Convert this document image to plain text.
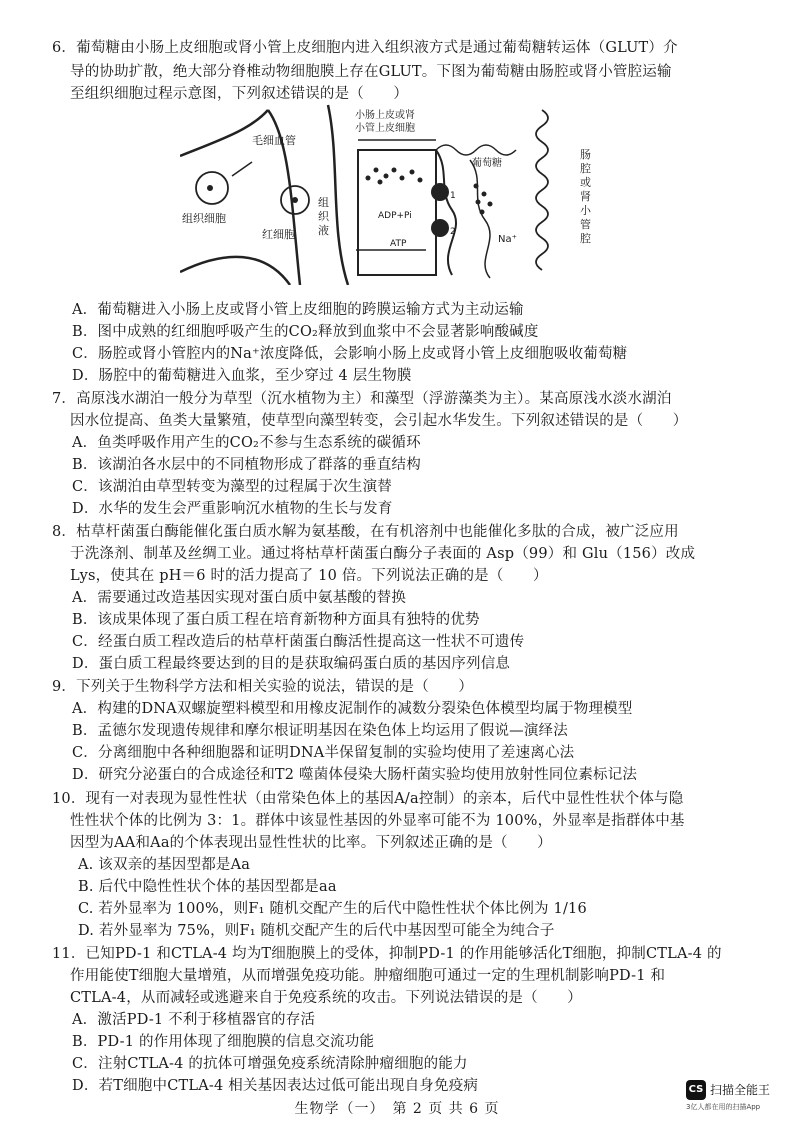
6．葡萄糖由小肠上皮细胞或肾小管上皮细胞内进入组织液方式是通过葡萄糖转运体（GLUT）介
导的协助扩散，绝大部分脊椎动物细胞膜上存在GLUT。下图为葡萄糖由肠腔或肾小管腔运输
至组织细胞过程示意图，下列叙述错误的是（　　）
毛细血管
组织细胞
红细胞
组
织
液
小肠上皮或肾
小管上皮细胞
葡萄糖
ADP+Pi
ATP
1
2
Na⁺
肠
腔
或
肾
小
管
腔
A．葡萄糖进入小肠上皮或肾小管上皮细胞的跨膜运输方式为主动运输
B．图中成熟的红细胞呼吸产生的CO₂释放到血浆中不会显著影响酸碱度
C．肠腔或肾小管腔内的Na⁺浓度降低，会影响小肠上皮或肾小管上皮细胞吸收葡萄糖
D．肠腔中的葡萄糖进入血浆，至少穿过 4 层生物膜
7．高原浅水湖泊一般分为草型（沉水植物为主）和藻型（浮游藻类为主）。某高原浅水淡水湖泊
因水位提高、鱼类大量繁殖，使草型向藻型转变，会引起水华发生。下列叙述错误的是（　　）
A．鱼类呼吸作用产生的CO₂不参与生态系统的碳循环
B．该湖泊各水层中的不同植物形成了群落的垂直结构
C．该湖泊由草型转变为藻型的过程属于次生演替
D．水华的发生会严重影响沉水植物的生长与发育
8．枯草杆菌蛋白酶能催化蛋白质水解为氨基酸，在有机溶剂中也能催化多肽的合成，被广泛应用
于洗涤剂、制革及丝绸工业。通过将枯草杆菌蛋白酶分子表面的 Asp（99）和 Glu（156）改成
Lys，使其在 pH＝6 时的活力提高了 10 倍。下列说法正确的是（　　）
A．需要通过改造基因实现对蛋白质中氨基酸的替换
B．该成果体现了蛋白质工程在培育新物种方面具有独特的优势
C．经蛋白质工程改造后的枯草杆菌蛋白酶活性提高这一性状不可遗传
D．蛋白质工程最终要达到的目的是获取编码蛋白质的基因序列信息
9．下列关于生物科学方法和相关实验的说法，错误的是（　　）
A．构建的DNA双螺旋塑料模型和用橡皮泥制作的减数分裂染色体模型均属于物理模型
B．孟德尔发现遗传规律和摩尔根证明基因在染色体上均运用了假说—演绎法
C．分离细胞中各种细胞器和证明DNA半保留复制的实验均使用了差速离心法
D．研究分泌蛋白的合成途径和T2 噬菌体侵染大肠杆菌实验均使用放射性同位素标记法
10．现有一对表现为显性性状（由常染色体上的基因A/a控制）的亲本，后代中显性性状个体与隐
性性状个体的比例为 3：1。群体中该显性基因的外显率可能不为 100%，外显率是指群体中基
因型为AA和Aa的个体表现出显性性状的比率。下列叙述正确的是（　　）
A. 该双亲的基因型都是Aa
B. 后代中隐性性状个体的基因型都是aa
C. 若外显率为 100%，则F₁ 随机交配产生的后代中隐性性状个体比例为 1/16
D. 若外显率为 75%，则F₁ 随机交配产生的后代中基因型可能全为纯合子
11．已知PD-1 和CTLA-4 均为T细胞膜上的受体，抑制PD-1 的作用能够活化T细胞，抑制CTLA-4 的
作用能使T细胞大量增殖，从而增强免疫功能。肿瘤细胞可通过一定的生理机制影响PD-1 和
CTLA-4，从而减轻或逃避来自于免疫系统的攻击。下列说法错误的是（　　）
A．激活PD-1 不利于移植器官的存活
B．PD-1 的作用体现了细胞膜的信息交流功能
C．注射CTLA-4 的抗体可增强免疫系统清除肿瘤细胞的能力
D．若T细胞中CTLA-4 相关基因表达过低可能出现自身免疫病
生物学（一）　第 2 页 共 6 页
CS 扫描全能王
3亿人都在用的扫描App
